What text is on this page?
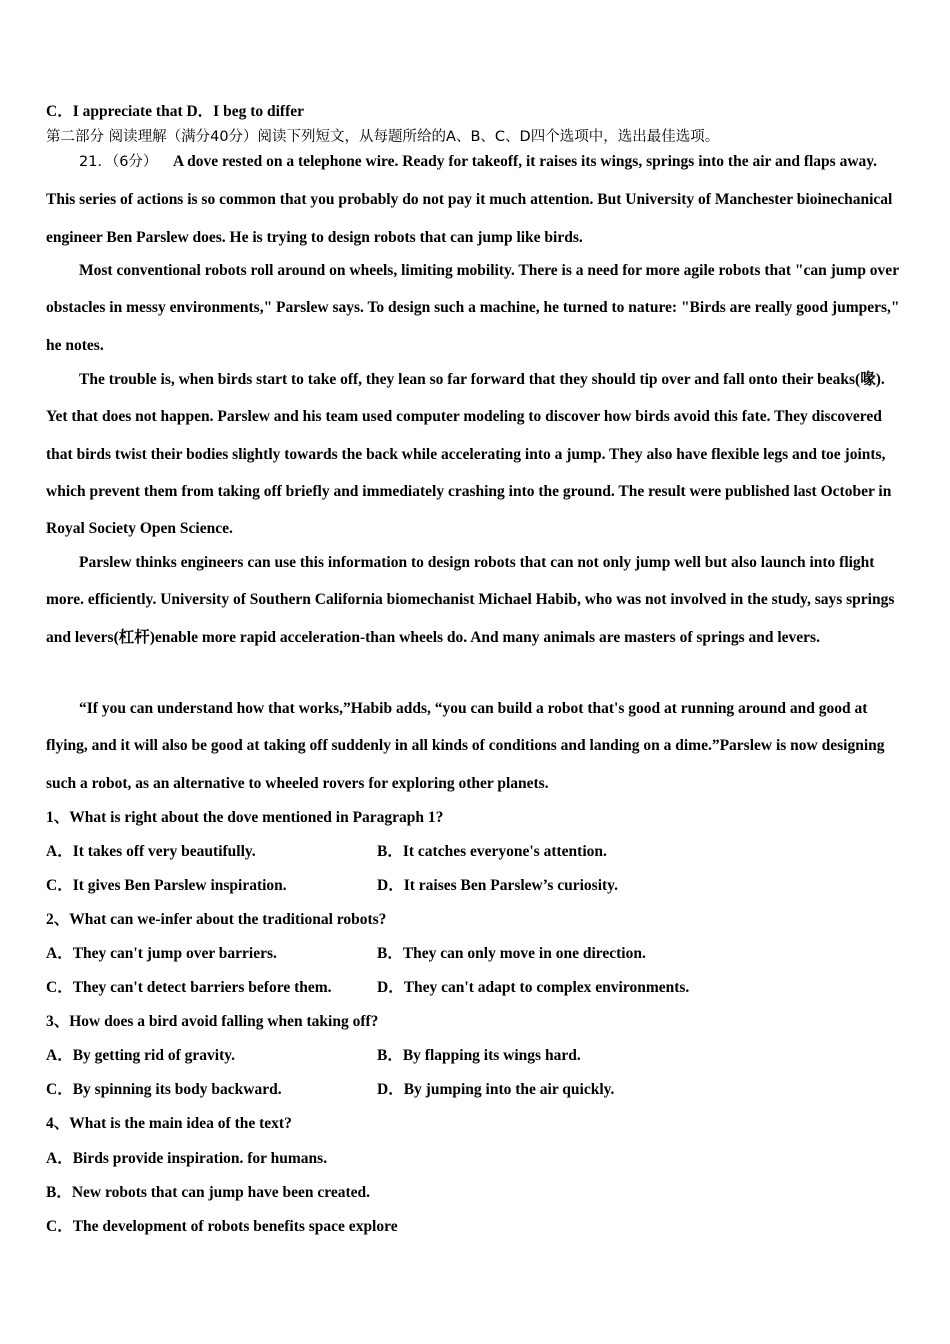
C．I appreciate that D．I beg to differ
第二部分 阅读理解（满分40分）阅读下列短文，从每题所给的A、B、C、D四个选项中，选出最佳选项。
21．（6分） A dove rested on a telephone wire. Ready for takeoff, it raises its wings, springs into the air and flaps away. This series of actions is so common that you probably do not pay it much attention. But University of Manchester bioinechanical engineer Ben Parslew does. He is trying to design robots that can jump like birds.
Most conventional robots roll around on wheels, limiting mobility. There is a need for more agile robots that "can jump over obstacles in messy environments," Parslew says. To design such a machine, he turned to nature: "Birds are really good jumpers," he notes.
The trouble is, when birds start to take off, they lean so far forward that they should tip over and fall onto their beaks(喙). Yet that does not happen. Parslew and his team used computer modeling to discover how birds avoid this fate. They discovered that birds twist their bodies slightly towards the back while accelerating into a jump. They also have flexible legs and toe joints, which prevent them from taking off briefly and immediately crashing into the ground. The result were published last October in Royal Society Open Science.
Parslew thinks engineers can use this information to design robots that can not only jump well but also launch into flight more. efficiently. University of Southern California biomechanist Michael Habib, who was not involved in the study, says springs and levers(杠杆)enable more rapid acceleration-than wheels do. And many animals are masters of springs and levers.
“If you can understand how that works,”Habib adds, “you can build a robot that's good at running around and good at flying, and it will also be good at taking off suddenly in all kinds of conditions and landing on a dime.”Parslew is now designing such a robot, as an alternative to wheeled rovers for exploring other planets.
1、What is right about the dove mentioned in Paragraph 1?
A．It takes off very beautifully.	B．It catches everyone's attention.
C．It gives Ben Parslew inspiration.	D．It raises Ben Parslew’s curiosity.
2、What can we-infer about the traditional robots?
A．They can't jump over barriers.	B．They can only move in one direction.
C．They can't detect barriers before them.	D．They can't adapt to complex environments.
3、How does a bird avoid falling when taking off?
A．By getting rid of gravity.	B．By flapping its wings hard.
C．By spinning its body backward.	D．By jumping into the air quickly.
4、What is the main idea of the text?
A．Birds provide inspiration. for humans.
B．New robots that can jump have been created.
C．The development of robots benefits space explore
